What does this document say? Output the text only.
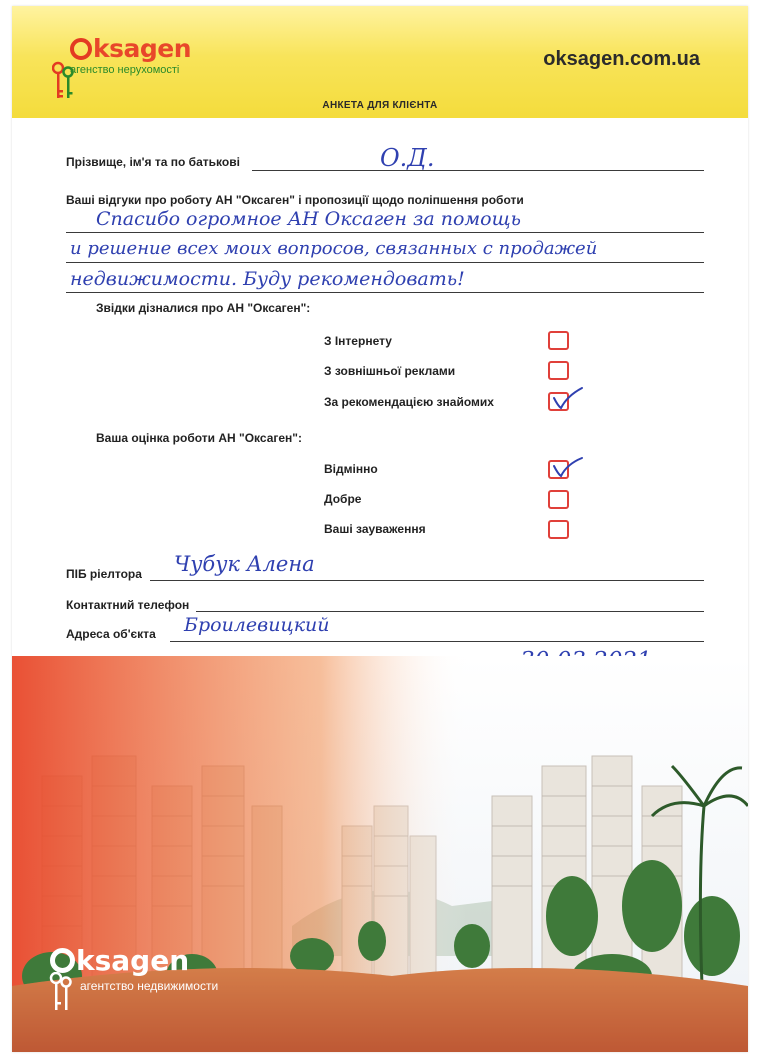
ksagen
агенство нерухомості	oksagen.com.ua
АНКЕТА ДЛЯ КЛІЄНТА
Прізвище, ім'я та по батькові	О.Д.
Ваші відгуки про роботу АН "Оксаген" і пропозиції щодо поліпшення роботи
Спасибо огромное АН Оксаген за помощь
и решение всех моих вопросов, связанных с продажей
недвижимости. Буду рекомендовать!
Звідки дізналися про АН "Оксаген":
З Інтернету
З зовнішньої реклами
За рекомендацією знайомих
Ваша оцінка роботи АН "Оксаген":
Відмінно
Добре
Ваші зауваження
ПІБ ріелтора Чубук Алена
Контактний телефон
Адреса об'єкта Броилевицкий
ksagen
агентство недвижимости
